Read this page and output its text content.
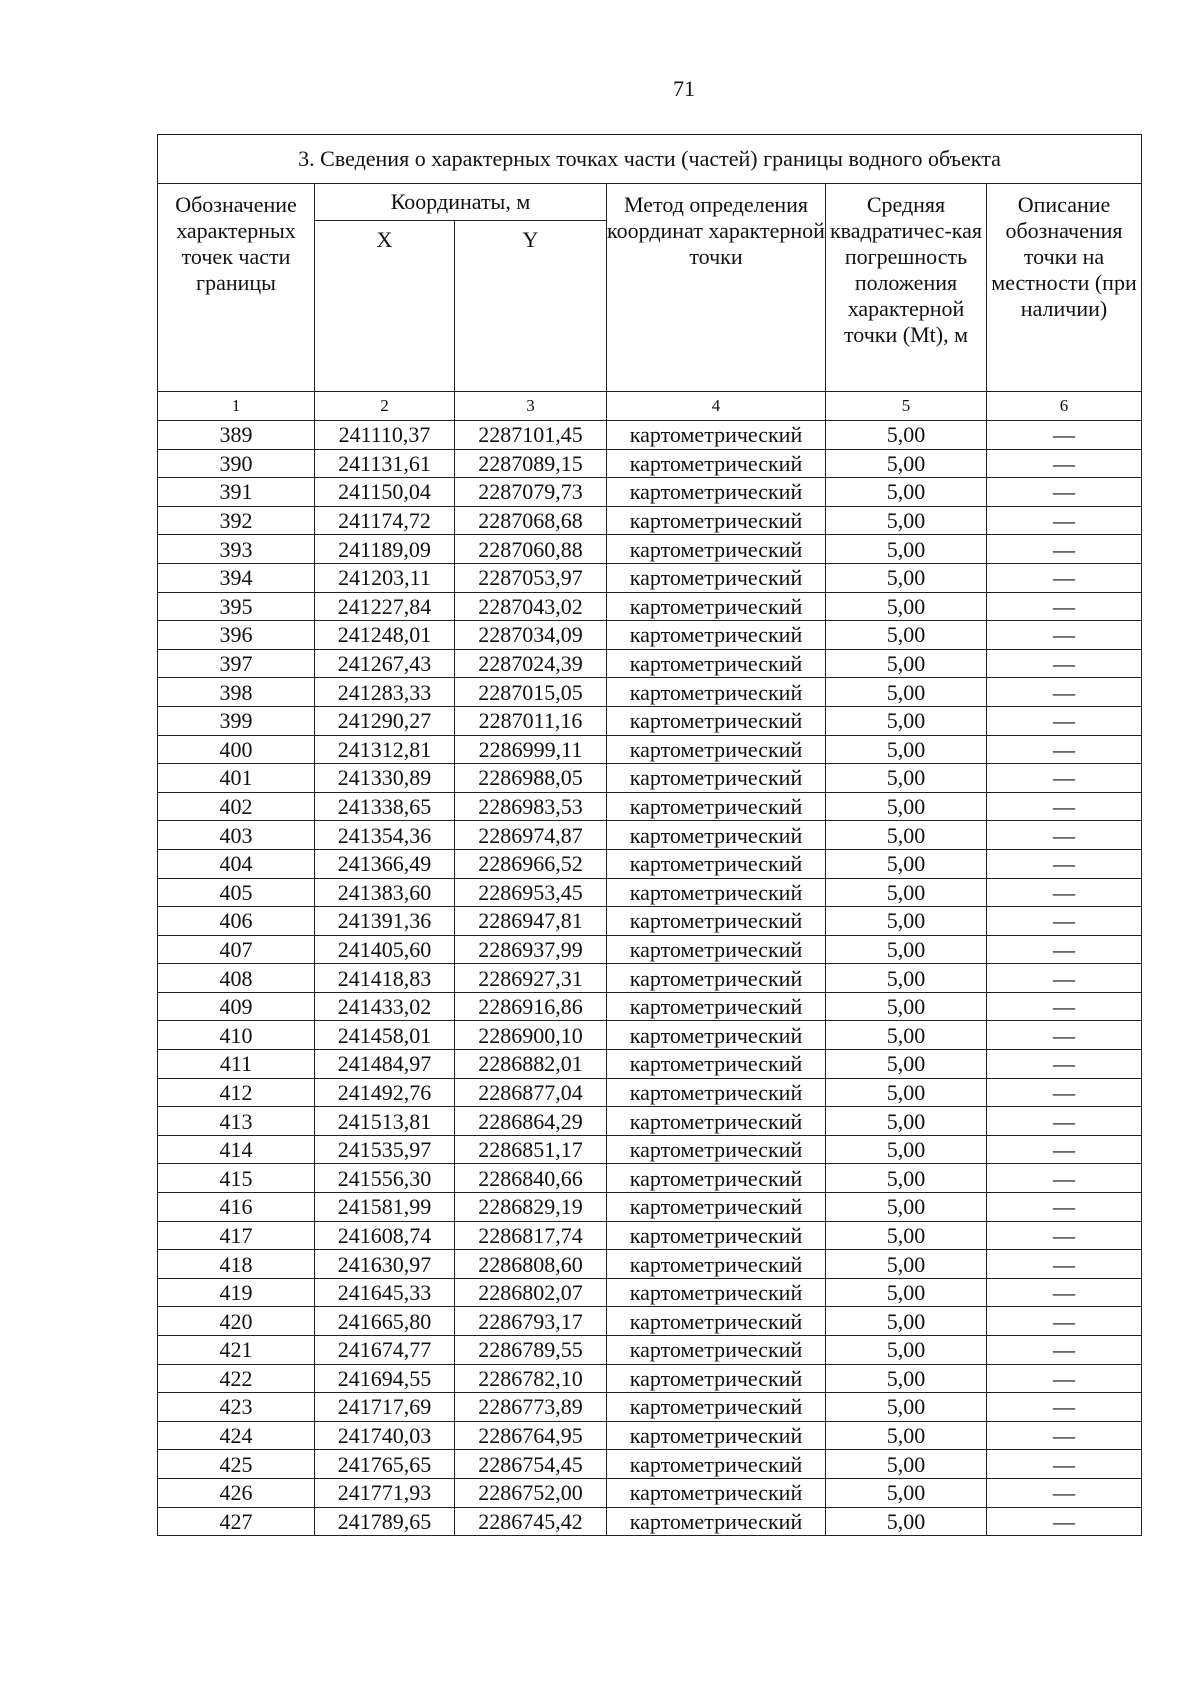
71
3. Сведения о характерных точках части (частей) границы водного объекта					
Обозначение характерных точек части границы	Координаты, м		Метод определения координат характерной точки	Средняя квадратичес-кая погрешность положения характерной точки (Mt), м	Описание обозначения точки на местности (при наличии)
	X	Y			
1	2	3	4	5	6
389	241110,37	2287101,45	картометрический	5,00	—
390	241131,61	2287089,15	картометрический	5,00	—
391	241150,04	2287079,73	картометрический	5,00	—
392	241174,72	2287068,68	картометрический	5,00	—
393	241189,09	2287060,88	картометрический	5,00	—
394	241203,11	2287053,97	картометрический	5,00	—
395	241227,84	2287043,02	картометрический	5,00	—
396	241248,01	2287034,09	картометрический	5,00	—
397	241267,43	2287024,39	картометрический	5,00	—
398	241283,33	2287015,05	картометрический	5,00	—
399	241290,27	2287011,16	картометрический	5,00	—
400	241312,81	2286999,11	картометрический	5,00	—
401	241330,89	2286988,05	картометрический	5,00	—
402	241338,65	2286983,53	картометрический	5,00	—
403	241354,36	2286974,87	картометрический	5,00	—
404	241366,49	2286966,52	картометрический	5,00	—
405	241383,60	2286953,45	картометрический	5,00	—
406	241391,36	2286947,81	картометрический	5,00	—
407	241405,60	2286937,99	картометрический	5,00	—
408	241418,83	2286927,31	картометрический	5,00	—
409	241433,02	2286916,86	картометрический	5,00	—
410	241458,01	2286900,10	картометрический	5,00	—
411	241484,97	2286882,01	картометрический	5,00	—
412	241492,76	2286877,04	картометрический	5,00	—
413	241513,81	2286864,29	картометрический	5,00	—
414	241535,97	2286851,17	картометрический	5,00	—
415	241556,30	2286840,66	картометрический	5,00	—
416	241581,99	2286829,19	картометрический	5,00	—
417	241608,74	2286817,74	картометрический	5,00	—
418	241630,97	2286808,60	картометрический	5,00	—
419	241645,33	2286802,07	картометрический	5,00	—
420	241665,80	2286793,17	картометрический	5,00	—
421	241674,77	2286789,55	картометрический	5,00	—
422	241694,55	2286782,10	картометрический	5,00	—
423	241717,69	2286773,89	картометрический	5,00	—
424	241740,03	2286764,95	картометрический	5,00	—
425	241765,65	2286754,45	картометрический	5,00	—
426	241771,93	2286752,00	картометрический	5,00	—
427	241789,65	2286745,42	картометрический	5,00	—
